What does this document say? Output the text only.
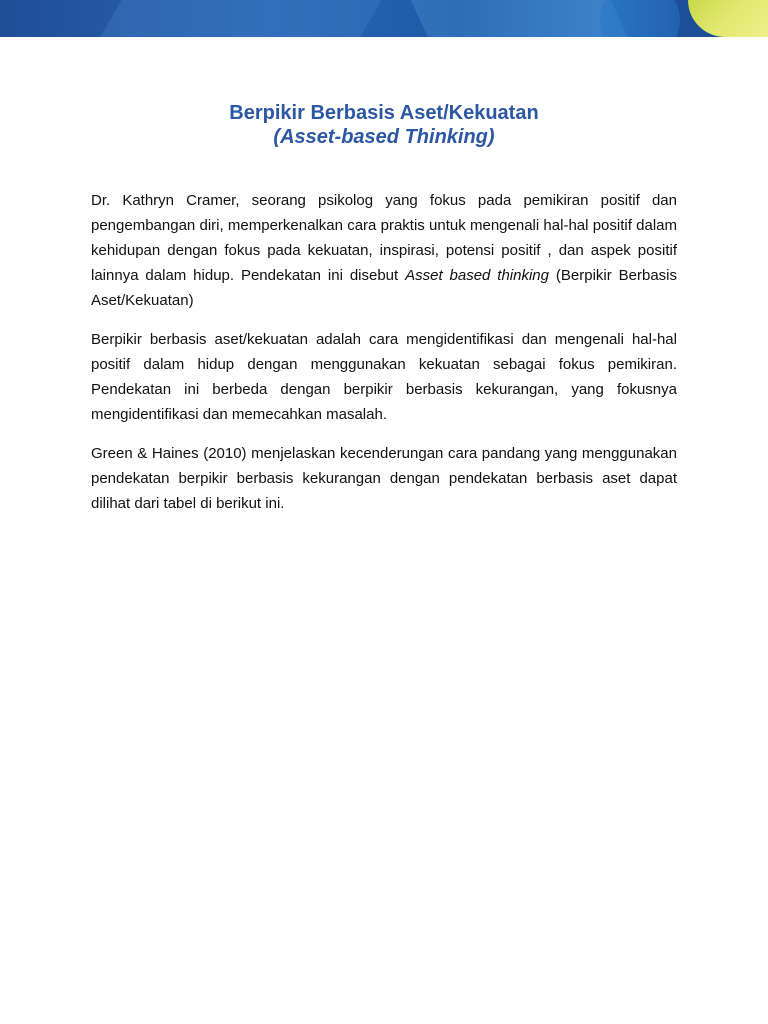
Berpikir Berbasis Aset/Kekuatan

(Asset-based Thinking)

Dr. Kathryn Cramer, seorang psikolog yang fokus pada pemikiran positif dan pengembangan diri, memperkenalkan cara praktis untuk mengenali hal-hal positif dalam kehidupan dengan fokus pada kekuatan, inspirasi, potensi positif , dan aspek positif lainnya dalam hidup. Pendekatan ini disebut Asset based thinking (Berpikir Berbasis Aset/Kekuatan)

Berpikir berbasis aset/kekuatan adalah cara mengidentifikasi dan mengenali hal-hal positif dalam hidup dengan menggunakan kekuatan sebagai fokus pemikiran. Pendekatan ini berbeda dengan berpikir berbasis kekurangan, yang fokusnya mengidentifikasi dan memecahkan masalah.

Green & Haines (2010) menjelaskan kecenderungan cara pandang yang menggunakan pendekatan berpikir berbasis kekurangan dengan pendekatan berbasis aset dapat dilihat dari tabel di berikut ini.
